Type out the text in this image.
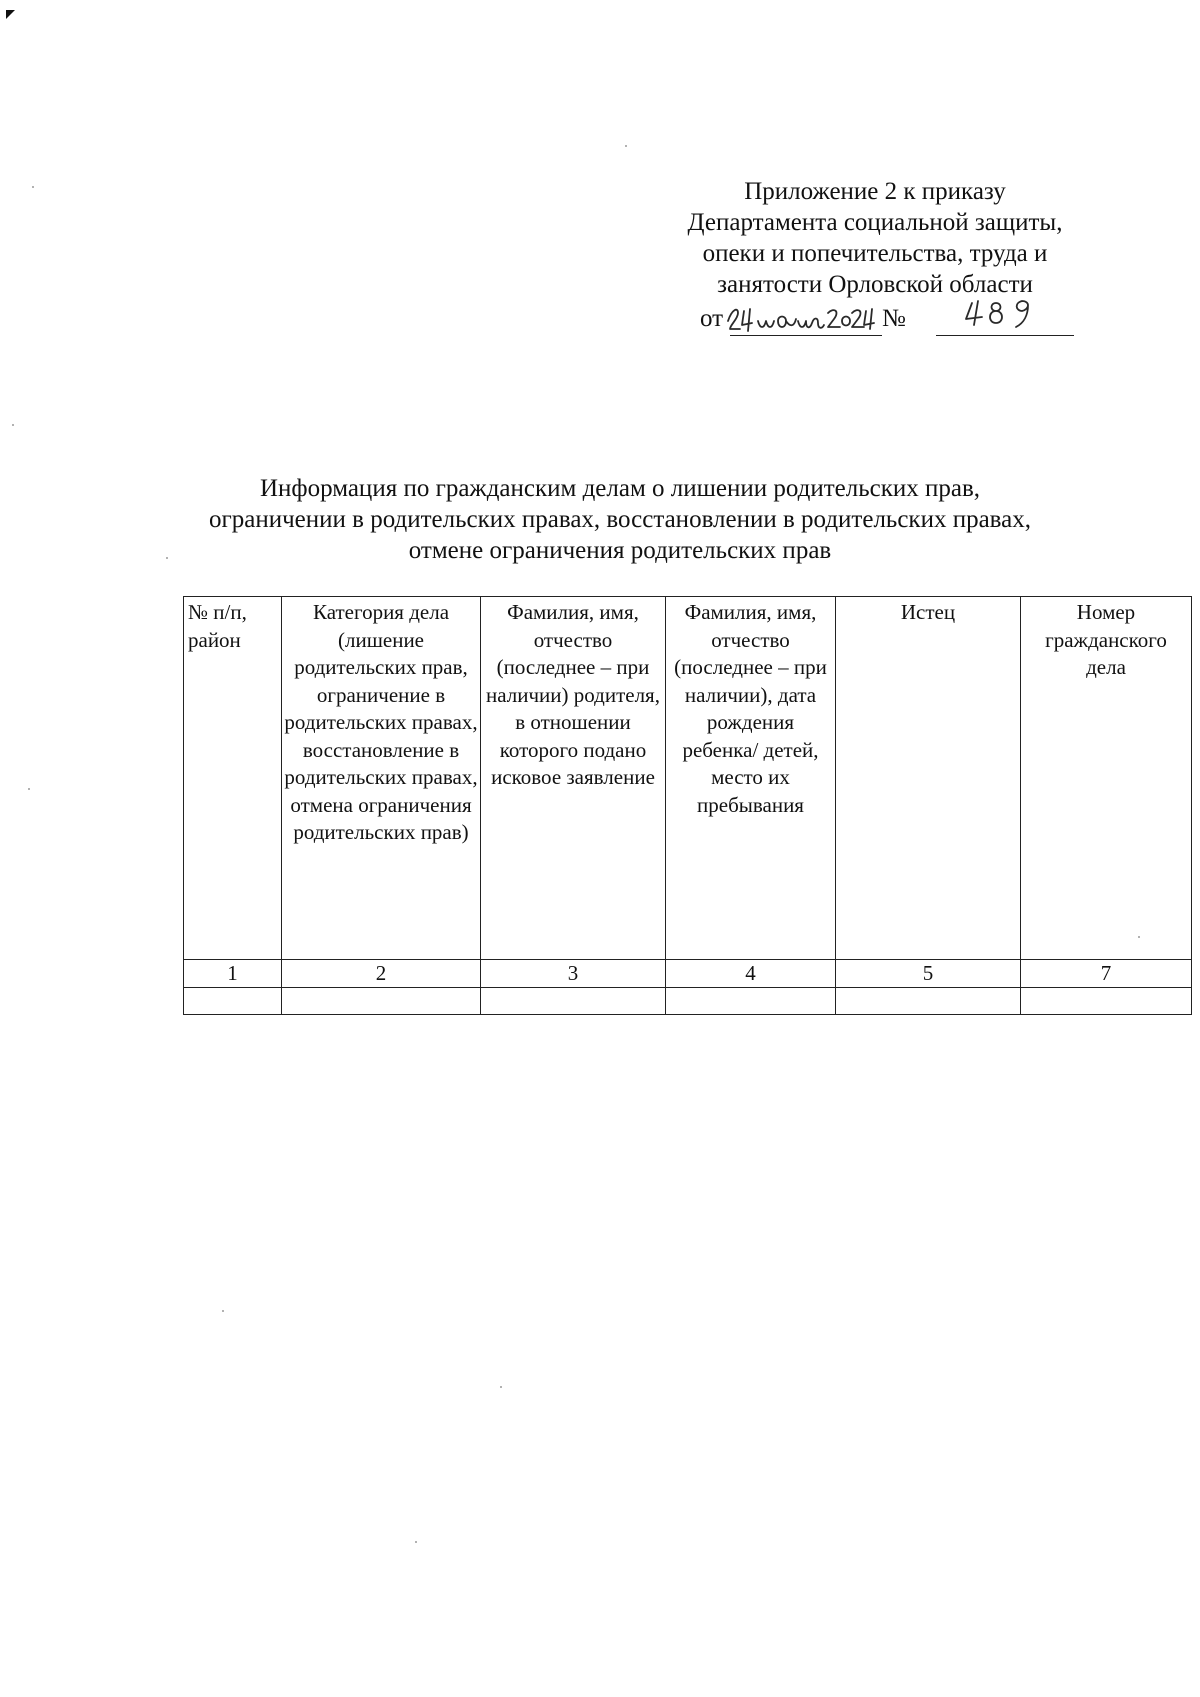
Приложение 2 к приказу
Департамента социальной защиты,
опеки и попечительства, труда и
занятости Орловской области
от	№
Информация по гражданским делам о лишении родительских прав,
ограничении в родительских правах, восстановлении в родительских правах,
отмене ограничения родительских прав
№ п/п, район	Категория дела (лишение родительских прав, ограничение в родительских правах, восстановление в родительских правах, отмена ограничения родительских прав)	Фамилия, имя, отчество (последнее – при наличии) родителя, в отношении которого подано исковое заявление	Фамилия, имя, отчество (последнее – при наличии), дата рождения ребенка/ детей, место их пребывания	Истец	Номер гражданского дела
1	2	3	4	5	7
